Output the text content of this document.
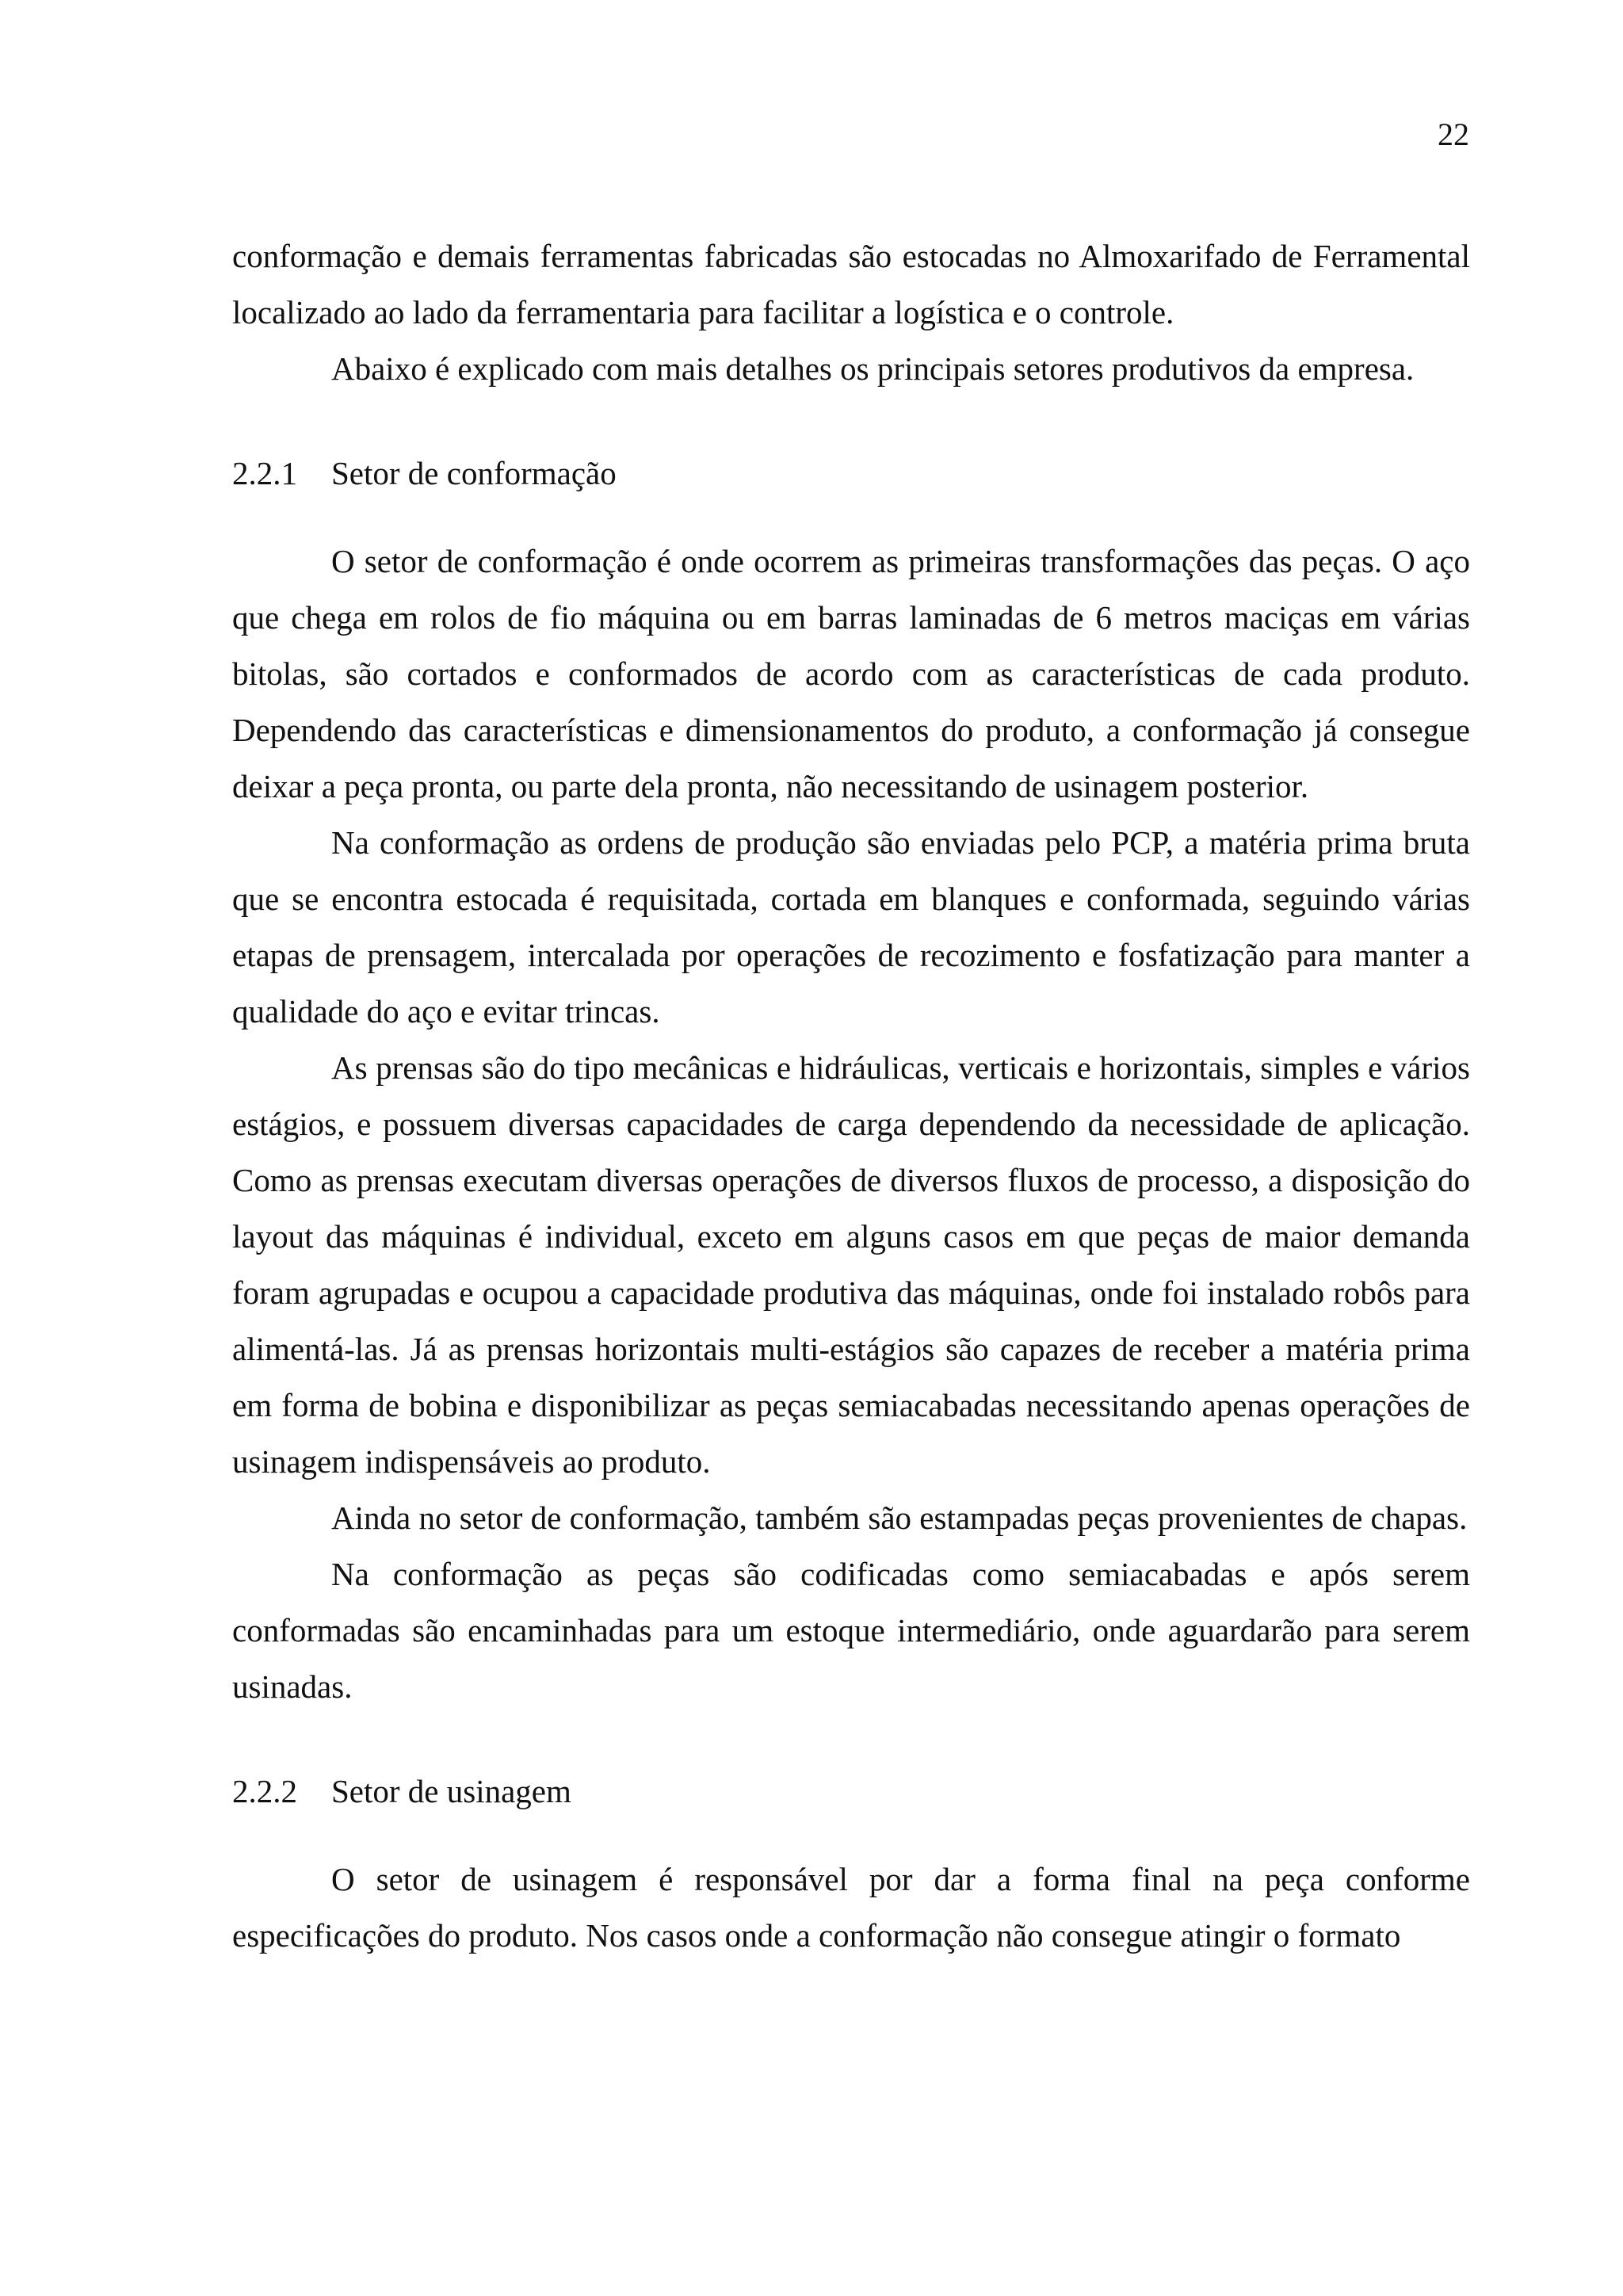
22

conformação e demais ferramentas fabricadas são estocadas no Almoxarifado de Ferramental localizado ao lado da ferramentaria para facilitar a logística e o controle.

Abaixo é explicado com mais detalhes os principais setores produtivos da empresa.

2.2.1	Setor de conformação

O setor de conformação é onde ocorrem as primeiras transformações das peças. O aço que chega em rolos de fio máquina ou em barras laminadas de 6 metros maciças em várias bitolas, são cortados e conformados de acordo com as características de cada produto. Dependendo das características e dimensionamentos do produto, a conformação já consegue deixar a peça pronta, ou parte dela pronta, não necessitando de usinagem posterior.

Na conformação as ordens de produção são enviadas pelo PCP, a matéria prima bruta que se encontra estocada é requisitada, cortada em blanques e conformada, seguindo várias etapas de prensagem, intercalada por operações de recozimento e fosfatização para manter a qualidade do aço e evitar trincas.

As prensas são do tipo mecânicas e hidráulicas, verticais e horizontais, simples e vários estágios, e possuem diversas capacidades de carga dependendo da necessidade de aplicação. Como as prensas executam diversas operações de diversos fluxos de processo, a disposição do layout das máquinas é individual, exceto em alguns casos em que peças de maior demanda foram agrupadas e ocupou a capacidade produtiva das máquinas, onde foi instalado robôs para alimentá-las. Já as prensas horizontais multi-estágios são capazes de receber a matéria prima em forma de bobina e disponibilizar as peças semiacabadas necessitando apenas operações de usinagem indispensáveis ao produto.

Ainda no setor de conformação, também são estampadas peças provenientes de chapas.

Na conformação as peças são codificadas como semiacabadas e após serem conformadas são encaminhadas para um estoque intermediário, onde aguardarão para serem usinadas.

2.2.2	Setor de usinagem

O setor de usinagem é responsável por dar a forma final na peça conforme especificações do produto. Nos casos onde a conformação não consegue atingir o formato
